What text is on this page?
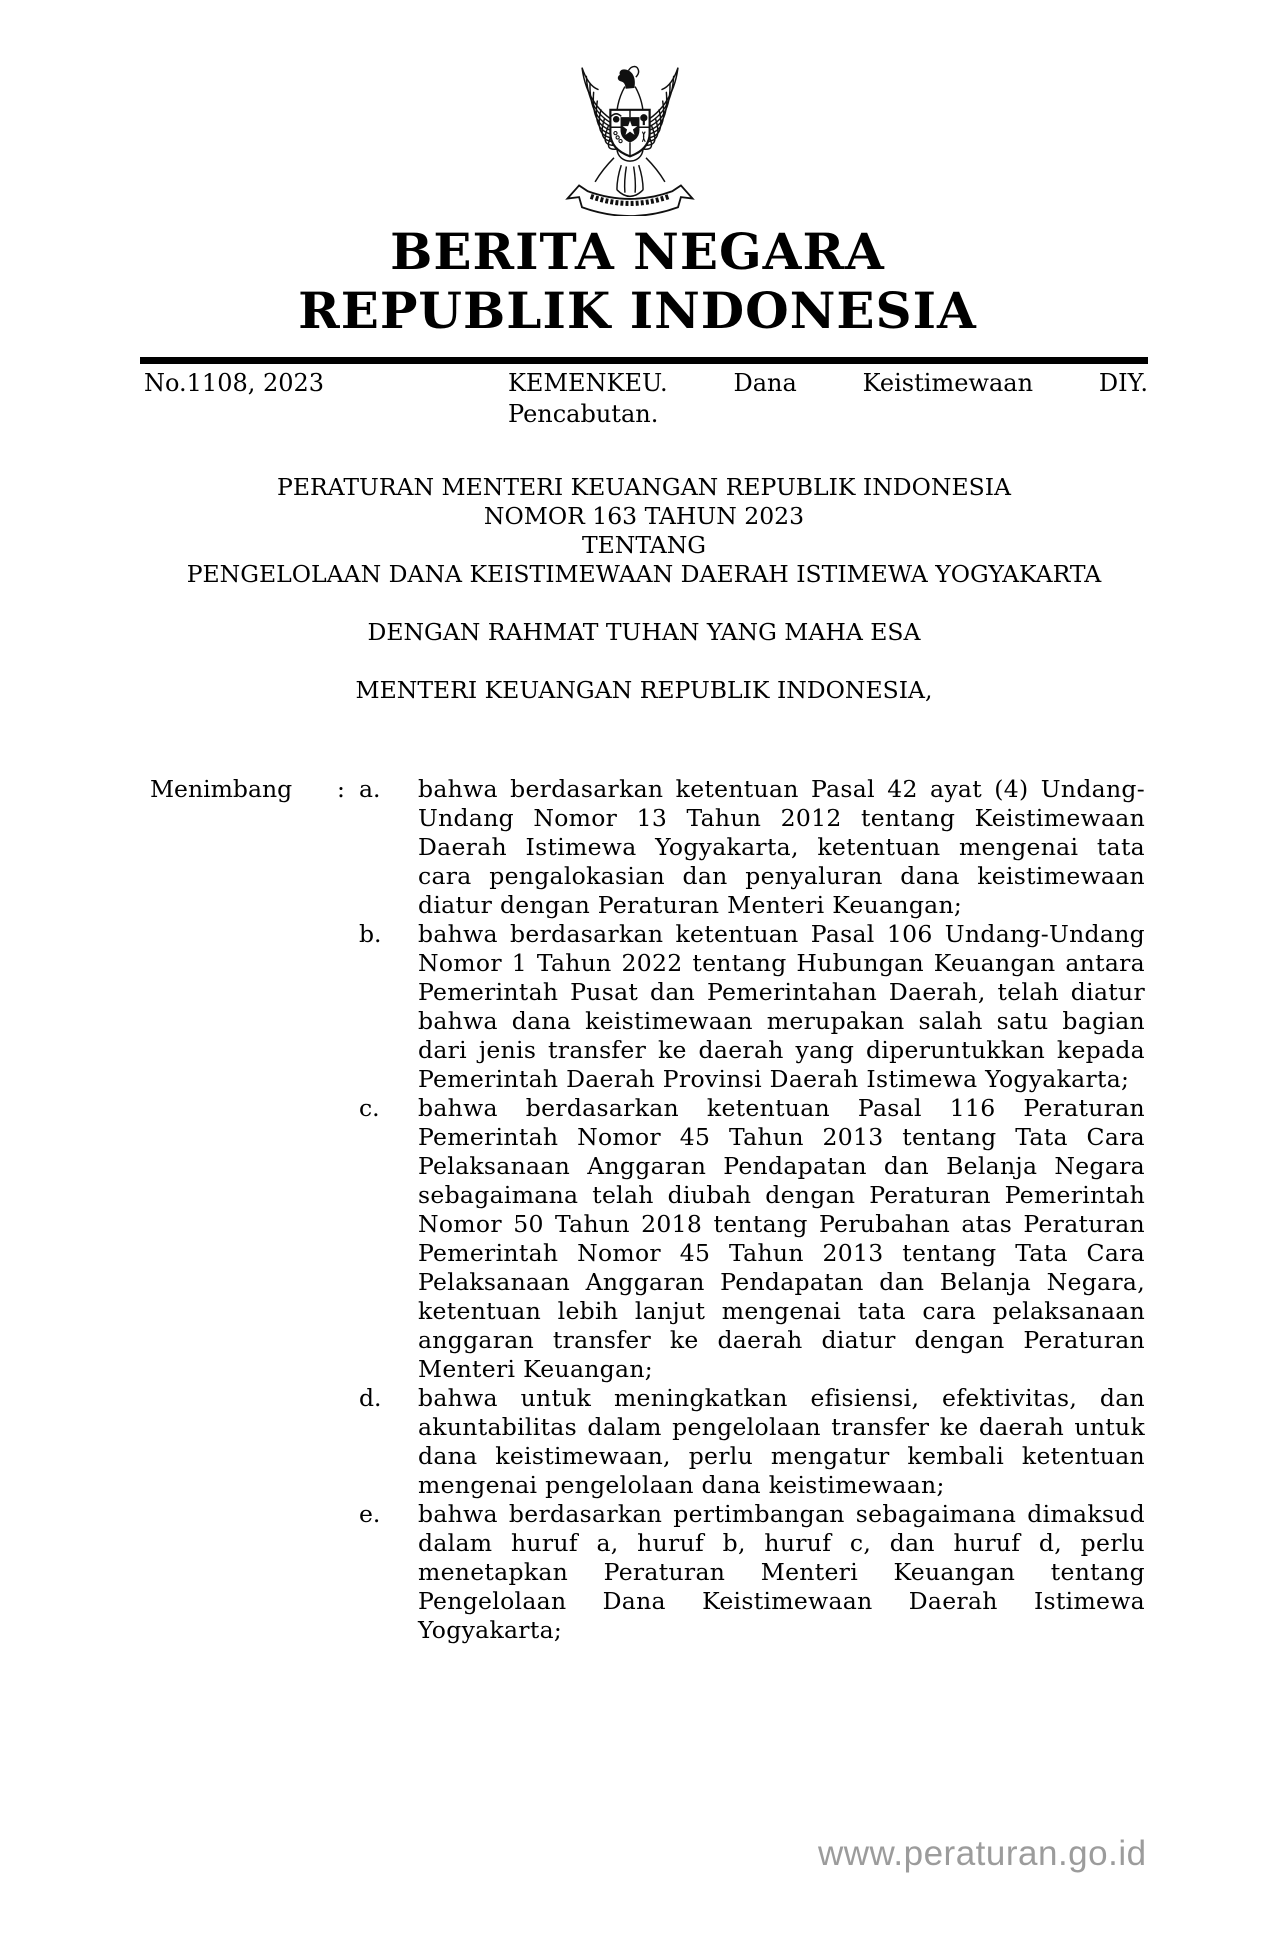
BERITA NEGARA
REPUBLIK INDONESIA
No.1108, 2023	KEMENKEU.	Dana	Keistimewaan	DIY.
Pencabutan.
PERATURAN MENTERI KEUANGAN REPUBLIK INDONESIA
NOMOR 163 TAHUN 2023
TENTANG
PENGELOLAAN DANA KEISTIMEWAAN DAERAH ISTIMEWA YOGYAKARTA
DENGAN RAHMAT TUHAN YANG MAHA ESA
MENTERI KEUANGAN REPUBLIK INDONESIA,
Menimbang	: a.	bahwa berdasarkan ketentuan Pasal 42 ayat (4) Undang-Undang Nomor 13 Tahun 2012 tentang Keistimewaan Daerah Istimewa Yogyakarta, ketentuan mengenai tata cara pengalokasian dan penyaluran dana keistimewaan diatur dengan Peraturan Menteri Keuangan;
b.	bahwa berdasarkan ketentuan Pasal 106 Undang-Undang Nomor 1 Tahun 2022 tentang Hubungan Keuangan antara Pemerintah Pusat dan Pemerintahan Daerah, telah diatur bahwa dana keistimewaan merupakan salah satu bagian dari jenis transfer ke daerah yang diperuntukkan kepada Pemerintah Daerah Provinsi Daerah Istimewa Yogyakarta;
c.	bahwa berdasarkan ketentuan Pasal 116 Peraturan Pemerintah Nomor 45 Tahun 2013 tentang Tata Cara Pelaksanaan Anggaran Pendapatan dan Belanja Negara sebagaimana telah diubah dengan Peraturan Pemerintah Nomor 50 Tahun 2018 tentang Perubahan atas Peraturan Pemerintah Nomor 45 Tahun 2013 tentang Tata Cara Pelaksanaan Anggaran Pendapatan dan Belanja Negara, ketentuan lebih lanjut mengenai tata cara pelaksanaan anggaran transfer ke daerah diatur dengan Peraturan Menteri Keuangan;
d.	bahwa untuk meningkatkan efisiensi, efektivitas, dan akuntabilitas dalam pengelolaan transfer ke daerah untuk dana keistimewaan, perlu mengatur kembali ketentuan mengenai pengelolaan dana keistimewaan;
e.	bahwa berdasarkan pertimbangan sebagaimana dimaksud dalam huruf a, huruf b, huruf c, dan huruf d, perlu menetapkan Peraturan Menteri Keuangan tentang Pengelolaan Dana Keistimewaan Daerah Istimewa Yogyakarta;
www.peraturan.go.id
